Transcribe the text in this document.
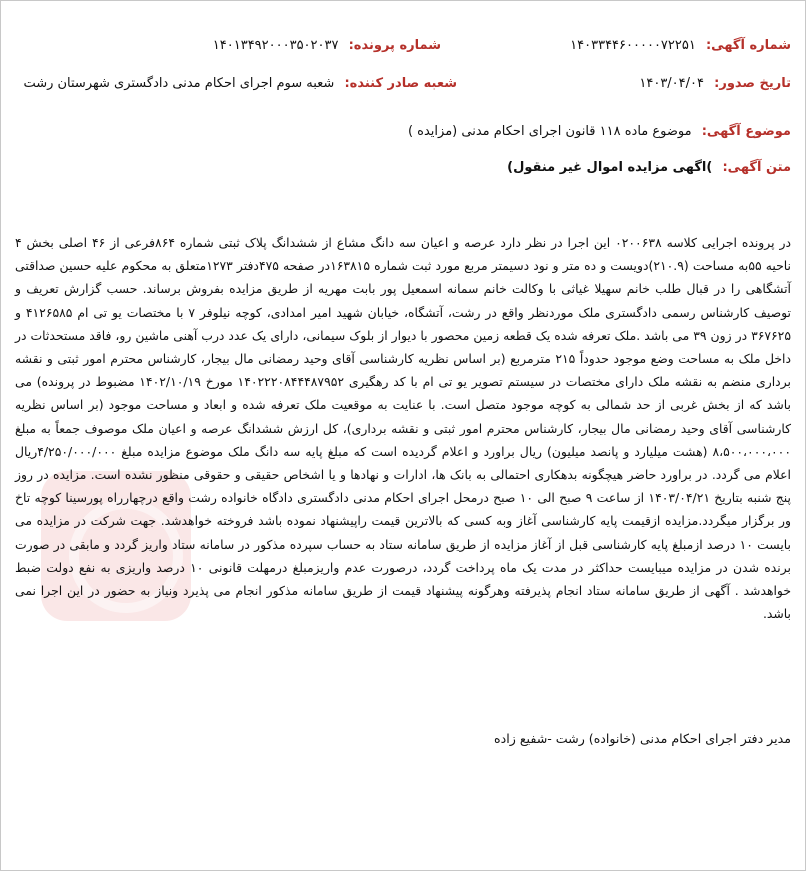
شماره آگهی: ۱۴۰۳۳۴۴۶۰۰۰۰۰۷۲۲۵۱
شماره پرونده: ۱۴۰۱۳۴۹۲۰۰۰۳۵۰۲۰۳۷
تاریخ صدور: ۱۴۰۳/۰۴/۰۴
شعبه صادر کننده: شعبه سوم اجرای احکام مدنی دادگستری شهرستان رشت
موضوع آگهی: موضوع ماده ۱۱۸ قانون اجرای احکام مدنی (مزایده )
متن آگهی: )اگهی مزایده اموال غیر منقول)
در پرونده اجرایی کلاسه ۰۲۰۰۶۳۸ این اجرا در نظر دارد عرصه و اعیان سه دانگ مشاع از ششدانگ پلاک ثبتی شماره ۸۶۴فرعی از ۴۶ اصلی بخش ۴ ناحیه ۵۵به مساحت (۲۱۰.۹)دویست و ده متر و نود دسیمتر مربع مورد ثبت شماره ۱۶۳۸۱۵در صفحه ۴۷۵دفتر ۱۲۷۳متعلق به محکوم علیه حسین صداقتی آتشگاهی را در قبال طلب خانم سهیلا غیاثی با وکالت خانم سمانه اسمعیل پور بابت مهریه از طریق مزایده بفروش برساند. حسب گزارش تعریف و توصیف کارشناس رسمی دادگستری ملک مورد‌نظر واقع در رشت، آتشگاه، خیابان شهید امیر امدادی، کوچه نیلوفر ۷ با مختصات یو تی ام ۴۱۲۶۵۸۵ و ۳۶۷۶۲۵ در زون ۳۹ می باشد .ملک تعرفه شده یک قطعه زمین محصور با دیوار از بلوک سیمانی، دارای یک عدد درب آهنی ماشین رو، فاقد مستحدثات در داخل ملک به مساحت وضع موجود حدوداً ۲۱۵ مترمربع (بر اساس نظریه کارشناسی آقای وحید رمضانی مال بیجار، کارشناس محترم امور ثبتی و نقشه برداری منضم به نقشه ملک دارای مختصات در سیستم تصویر یو تی ام با کد رهگیری ۱۴۰۲۲۲۰۸۴۴۴۸۷۹۵۲ مورخ ۱۴۰۲/۱۰/۱۹ مضبوط در پرونده) می باشد که از بخش غربی از حد شمالی به کوچه موجود متصل است. با عنایت به موقعیت ملک تعرفه شده و ابعاد و مساحت موجود (بر اساس نظریه کارشناسی آقای وحید رمضانی مال بیجار، کارشناس محترم امور ثبتی و نقشه برداری)، کل ارزش ششدانگ عرصه و اعیان ملک موصوف جمعاً به مبلغ ۸،۵۰۰،۰۰۰،۰۰۰ (هشت میلیارد و پانصد میلیون) ریال براورد و اعلام گردیده است که مبلغ پایه سه دانگ ملک موضوع مزایده مبلغ ۴/۲۵۰/۰۰۰/۰۰۰ریال اعلام می گردد. در براورد حاضر هیچگونه بدهکاری احتمالی به بانک ها، ادارات و نهادها و یا اشخاص حقیقی و حقوقی منظور نشده است. مزایده در روز پنج شنبه بتاریخ ۱۴۰۳/۰۴/۲۱ از ساعت ۹ صبح الی ۱۰ صبح درمحل اجرای احکام مدنی دادگستری دادگاه خانواده رشت واقع درچهارراه پورسینا کوچه تاخ ور برگزار میگردد.مزایده ازقیمت پایه کارشناسی آغاز وبه کسی که بالاترین قیمت راپیشنهاد نموده باشد فروخته خواهدشد. جهت شرکت در مزایده می بایست ۱۰ درصد ازمبلغ پایه کارشناسی قبل از آغاز مزایده از طریق سامانه ستاد به حساب سپرده مذکور در سامانه ستاد واریز گردد و مابقی در صورت برنده شدن در مزایده میبایست حداکثر در مدت یک ماه پرداخت گردد، درصورت عدم واریزمبلغ درمهلت قانونی ۱۰ درصد واریزی به نفع دولت ضبط خواهدشد . آگهی از طریق سامانه ستاد انجام پذیرفته وهرگونه پیشنهاد قیمت از طریق سامانه مذکور انجام می پذیرد ونیاز به حضور در این اجرا نمی باشد.
مدیر دفتر اجرای احکام مدنی (خانواده) رشت -شفیع زاده
